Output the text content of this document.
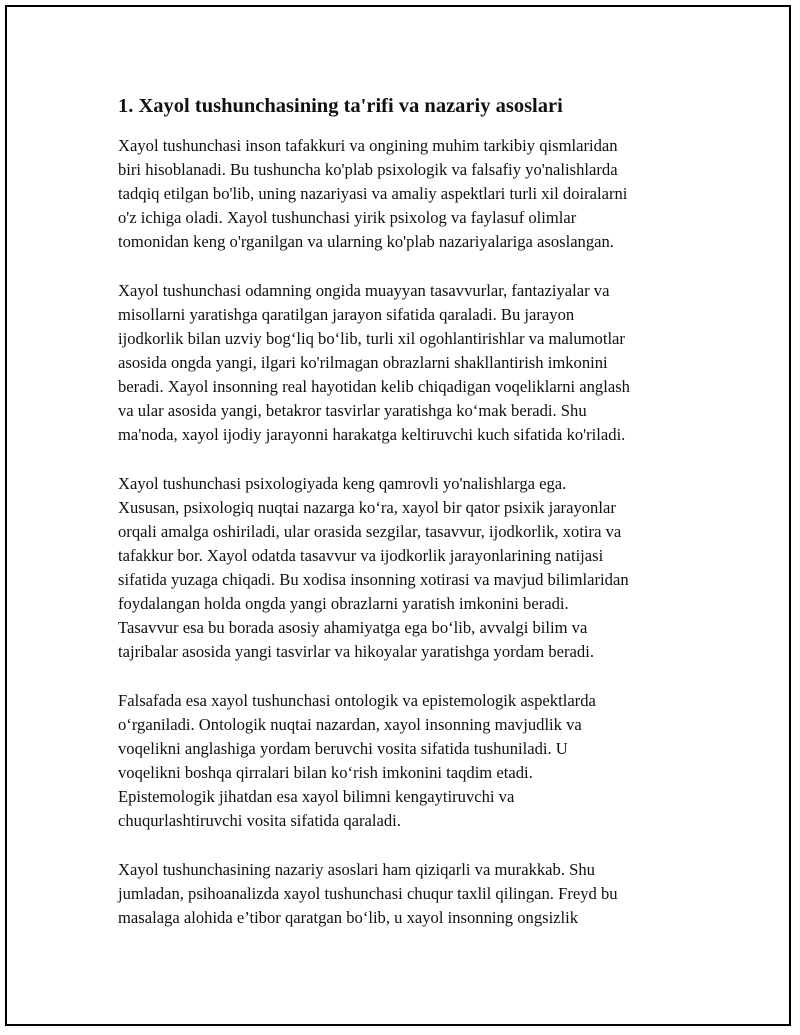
1. Xayol tushunchasining ta'rifi va nazariy asoslari

Xayol tushunchasi inson tafakkuri va ongining muhim tarkibiy qismlaridan
biri hisoblanadi. Bu tushuncha ko'plab psixologik va falsafiy yo'nalishlarda
tadqiq etilgan bo'lib, uning nazariyasi va amaliy aspektlari turli xil doiralarni
o'z ichiga oladi. Xayol tushunchasi yirik psixolog va faylasuf olimlar
tomonidan keng o'rganilgan va ularning ko'plab nazariyalariga asoslangan.

Xayol tushunchasi odamning ongida muayyan tasavvurlar, fantaziyalar va
misollarni yaratishga qaratilgan jarayon sifatida qaraladi. Bu jarayon
ijodkorlik bilan uzviy bog‘liq bo‘lib, turli xil ogohlantirishlar va malumotlar
asosida ongda yangi, ilgari ko'rilmagan obrazlarni shakllantirish imkonini
beradi. Xayol insonning real hayotidan kelib chiqadigan voqeliklarni anglash
va ular asosida yangi, betakror tasvirlar yaratishga ko‘mak beradi. Shu
ma'noda, xayol ijodiy jarayonni harakatga keltiruvchi kuch sifatida ko'riladi.

Xayol tushunchasi psixologiyada keng qamrovli yo'nalishlarga ega.
Xususan, psixologiq nuqtai nazarga ko‘ra, xayol bir qator psixik jarayonlar
orqali amalga oshiriladi, ular orasida sezgilar, tasavvur, ijodkorlik, xotira va
tafakkur bor. Xayol odatda tasavvur va ijodkorlik jarayonlarining natijasi
sifatida yuzaga chiqadi. Bu xodisa insonning xotirasi va mavjud bilimlaridan
foydalangan holda ongda yangi obrazlarni yaratish imkonini beradi.
Tasavvur esa bu borada asosiy ahamiyatga ega bo‘lib, avvalgi bilim va
tajribalar asosida yangi tasvirlar va hikoyalar yaratishga yordam beradi.

Falsafada esa xayol tushunchasi ontologik va epistemologik aspektlarda
o‘rganiladi. Ontologik nuqtai nazardan, xayol insonning mavjudlik va
voqelikni anglashiga yordam beruvchi vosita sifatida tushuniladi. U
voqelikni boshqa qirralari bilan ko‘rish imkonini taqdim etadi.
Epistemologik jihatdan esa xayol bilimni kengaytiruvchi va
chuqurlashtiruvchi vosita sifatida qaraladi.

Xayol tushunchasining nazariy asoslari ham qiziqarli va murakkab. Shu
jumladan, psihoanalizda xayol tushunchasi chuqur taxlil qilingan. Freyd bu
masalaga alohida e’tibor qaratgan bo‘lib, u xayol insonning ongsizlik
